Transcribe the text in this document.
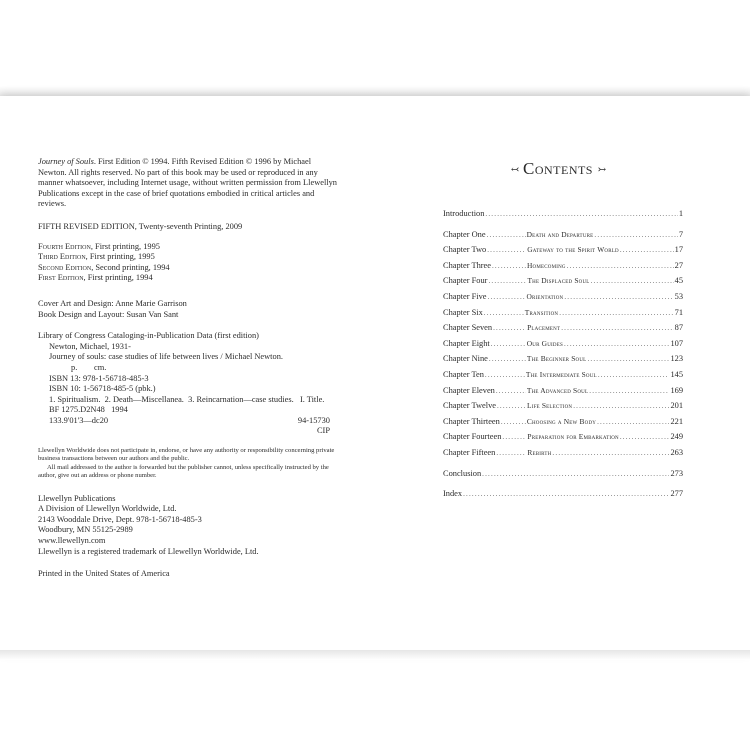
Journey of Souls. First Edition © 1994. Fifth Revised Edition © 1996 by Michael Newton. All rights reserved. No part of this book may be used or reproduced in any manner whatsoever, including Internet usage, without written permission from Llewellyn Publications except in the case of brief quotations embodied in critical articles and reviews.

FIFTH REVISED EDITION, Twenty-seventh Printing, 2009

Fourth Edition, First printing, 1995

Third Edition, First printing, 1995

Second Edition, Second printing, 1994

First Edition, First printing, 1994

Cover Art and Design: Anne Marie Garrison

Book Design and Layout: Susan Van Sant

Library of Congress Cataloging-in-Publication Data (first edition)

Newton, Michael, 1931-

Journey of souls: case studies of life between lives / Michael Newton.

p.        cm.

ISBN 13: 978-1-56718-485-3

ISBN 10: 1-56718-485-5 (pbk.)

1. Spiritualism.  2. Death—Miscellanea.  3. Reincarnation—case studies.   I. Title.

BF 1275.D2N48   1994

133.9'01'3—dc20	94-15730
CIP

Llewellyn Worldwide does not participate in, endorse, or have any authority or responsibility concerning private business transactions between our authors and the public.

All mail addressed to the author is forwarded but the publisher cannot, unless specifically instructed by the author, give out an address or phone number.

Llewellyn Publications

A Division of Llewellyn Worldwide, Ltd.

2143 Wooddale Drive, Dept. 978-1-56718-485-3

Woodbury, MN 55125-2989

www.llewellyn.com

Llewellyn is a registered trademark of Llewellyn Worldwide, Ltd.

Printed in the United States of America

↢ Contents ↣
Introduction .....	1
Chapter One .....	Death and Departure .....	7
Chapter Two .....	Gateway to the Spirit World .....	17
Chapter Three .....	Homecoming .....	27
Chapter Four .....	The Displaced Soul .....	45
Chapter Five .....	Orientation .....	53
Chapter Six .....	Transition .....	71
Chapter Seven .....	Placement .....	87
Chapter Eight .....	Our Guides .....	107
Chapter Nine .....	The Beginner Soul .....	123
Chapter Ten .....	The Intermediate Soul .....	145
Chapter Eleven .....	The Advanced Soul .....	169
Chapter Twelve .....	Life Selection .....	201
Chapter Thirteen .....	Choosing a New Body .....	221
Chapter Fourteen .....	Preparation for Embarkation .....	249
Chapter Fifteen .....	Rebirth .....	263
Conclusion .....	273
Index .....	277
